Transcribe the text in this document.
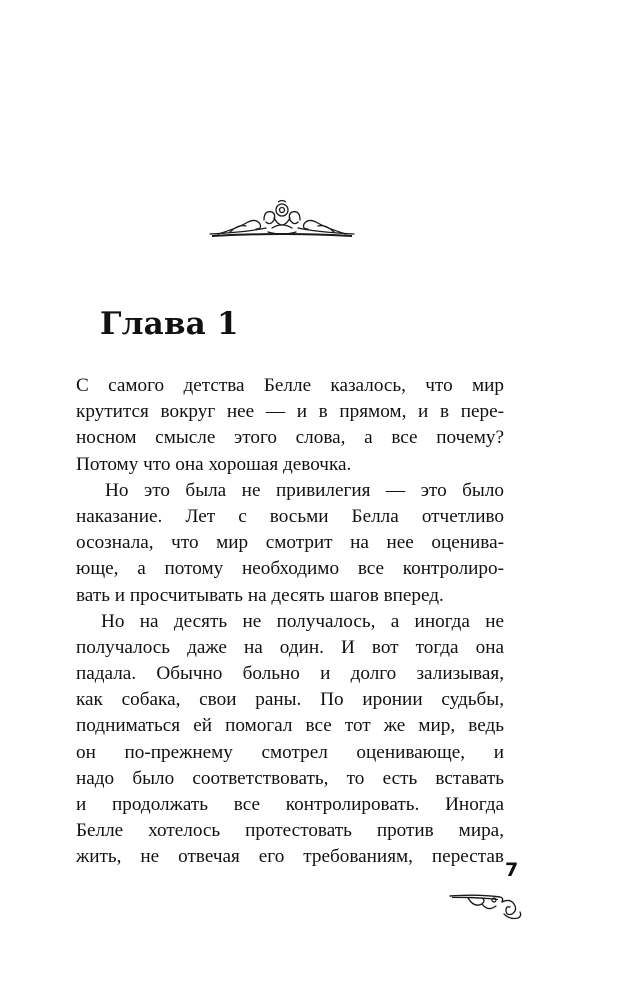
Глава 1
С самого детства Белле казалось, что мир
крутится вокруг нее — и в прямом, и в пере-
носном смысле этого слова, а все почему?
Потому что она хорошая девочка.
Но это была не привилегия — это было
наказание. Лет с восьми Белла отчетливо
осознала, что мир смотрит на нее оценива-
юще, а потому необходимо все контролиро-
вать и просчитывать на десять шагов вперед.
Но на десять не получалось, а иногда не
получалось даже на один. И вот тогда она
падала. Обычно больно и долго зализывая,
как собака, свои раны. По иронии судьбы,
подниматься ей помогал все тот же мир, ведь
он по-прежнему смотрел оценивающе, и
надо было соответствовать, то есть вставать
и продолжать все контролировать. Иногда
Белле хотелось протестовать против мира,
жить, не отвечая его требованиям, перестав
7
